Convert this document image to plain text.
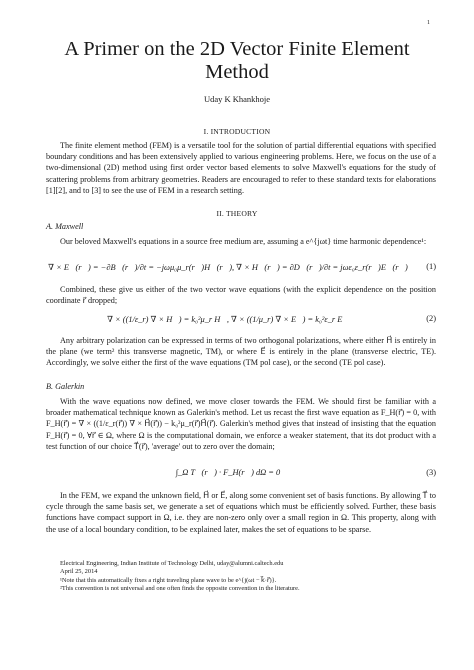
1
A Primer on the 2D Vector Finite Element Method
Uday K Khankhoje
I. INTRODUCTION

The finite element method (FEM) is a versatile tool for the solution of partial differential equations with specified boundary conditions and has been extensively applied to various engineering problems. Here, we focus on the use of a two-dimensional (2D) method using first order vector based elements to solve Maxwell's equations for the study of scattering problems from arbitrary geometries. Readers are encouraged to refer to these standard texts for elaborations [1][2], and to [3] to see the use of FEM in a research setting.

II. THEORY
A. Maxwell

Our beloved Maxwell's equations in a source free medium are, assuming a e^{jωt} time harmonic dependence¹:

∇ × E⃗(r⃗) = −∂B⃗(r⃗)/∂t = −jωμ₀μ_r(r⃗)H⃗(r⃗), ∇ × H⃗(r⃗) = ∂D⃗(r⃗)/∂t = jωε₀ε_r(r⃗)E⃗(r⃗) (1)

Combined, these give us either of the two vector wave equations (with the explicit dependence on the position coordinate r⃗ dropped;

∇ × ((1/ε_r) ∇ × H⃗) = k₀²μ_r H⃗, ∇ × ((1/μ_r) ∇ × E⃗) = k₀²ε_r E⃗	(2)

Any arbitrary polarization can be expressed in terms of two orthogonal polarizations, where either H⃗ is entirely in the plane (we term² this transverse magnetic, TM), or where E⃗ is entirely in the plane (transverse electric, TE). Accordingly, we solve either the first of the wave equations (TM pol case), or the second (TE pol case).

B. Galerkin

With the wave equations now defined, we move closer towards the FEM. We should first be familiar with a broader mathematical technique known as Galerkin's method. Let us recast the first wave equation as F_H(r⃗) = 0, with F_H(r⃗) = ∇ × ((1/ε_r(r⃗)) ∇ × H⃗(r⃗)) − k₀²μ_r(r⃗)H⃗(r⃗). Galerkin's method gives that instead of insisting that the equation F_H(r⃗) = 0, ∀r⃗ ∈ Ω, where Ω is the computational domain, we enforce a weaker statement, that its dot product with a test function of our choice T⃗(r⃗), 'average' out to zero over the domain;

∫_Ω T⃗(r⃗) · F_H(r⃗) dΩ = 0	(3)

In the FEM, we expand the unknown field, H⃗ or E⃗, along some convenient set of basis functions. By allowing T⃗ to cycle through the same basis set, we generate a set of equations which must be efficiently solved. Further, these basis functions have compact support in Ω, i.e. they are non-zero only over a small region in Ω. This property, along with the use of a local boundary condition, to be explained later, makes the set of equations to be sparse.

Electrical Engineering, Indian Institute of Technology Delhi, uday@alumni.caltech.edu
April 25, 2014
¹Note that this automatically fixes a right traveling plane wave to be e^{j(ωt − k⃗·r⃗)}.
²This convention is not universal and one often finds the opposite convention in the literature.
